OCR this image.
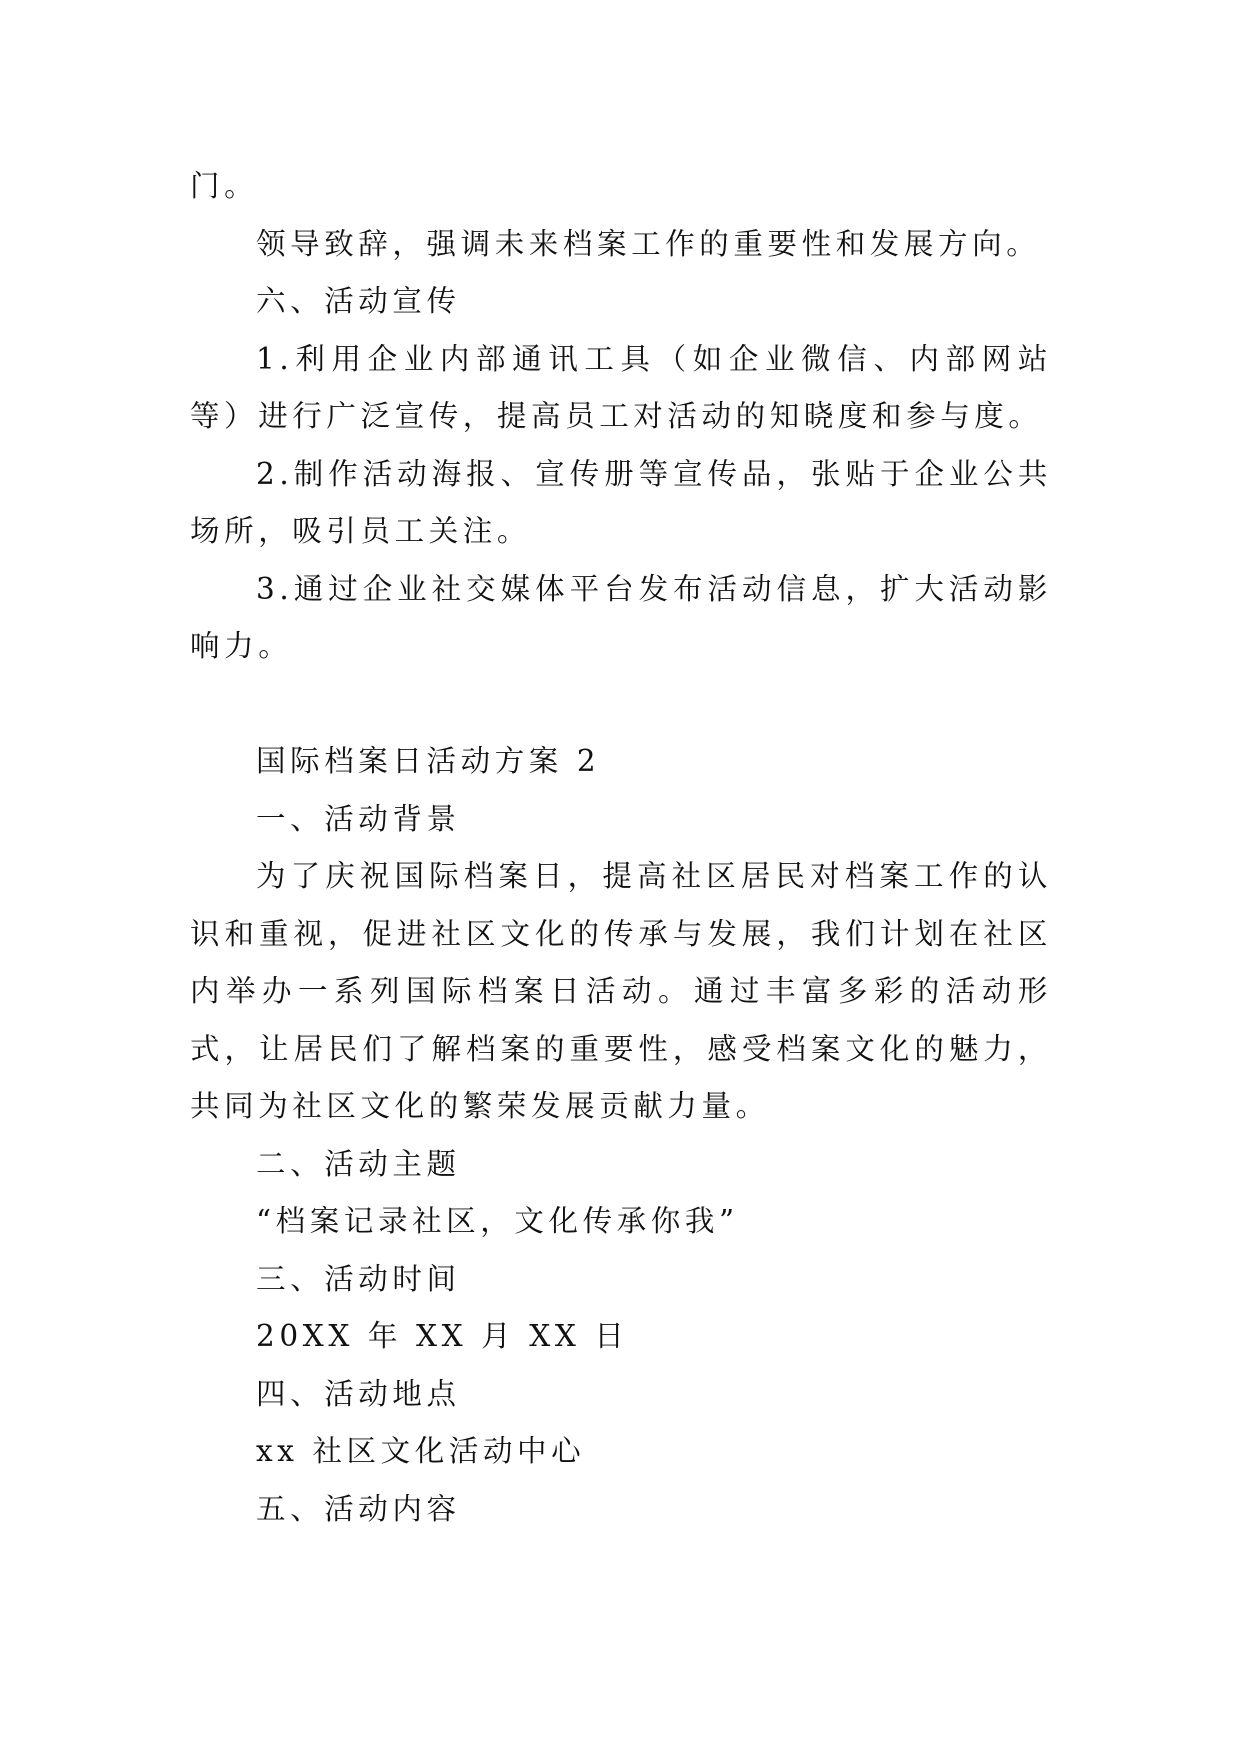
门。

领导致辞，强调未来档案工作的重要性和发展方向。

六、活动宣传

1.利用企业内部通讯工具（如企业微信、内部网站等）进行广泛宣传，提高员工对活动的知晓度和参与度。

2.制作活动海报、宣传册等宣传品，张贴于企业公共场所，吸引员工关注。

3.通过企业社交媒体平台发布活动信息，扩大活动影响力。

国际档案日活动方案 2

一、活动背景

为了庆祝国际档案日，提高社区居民对档案工作的认识和重视，促进社区文化的传承与发展，我们计划在社区内举办一系列国际档案日活动。通过丰富多彩的活动形式，让居民们了解档案的重要性，感受档案文化的魅力，共同为社区文化的繁荣发展贡献力量。

二、活动主题

“档案记录社区，文化传承你我”

三、活动时间

20XX 年 XX 月 XX 日

四、活动地点

xx 社区文化活动中心

五、活动内容
